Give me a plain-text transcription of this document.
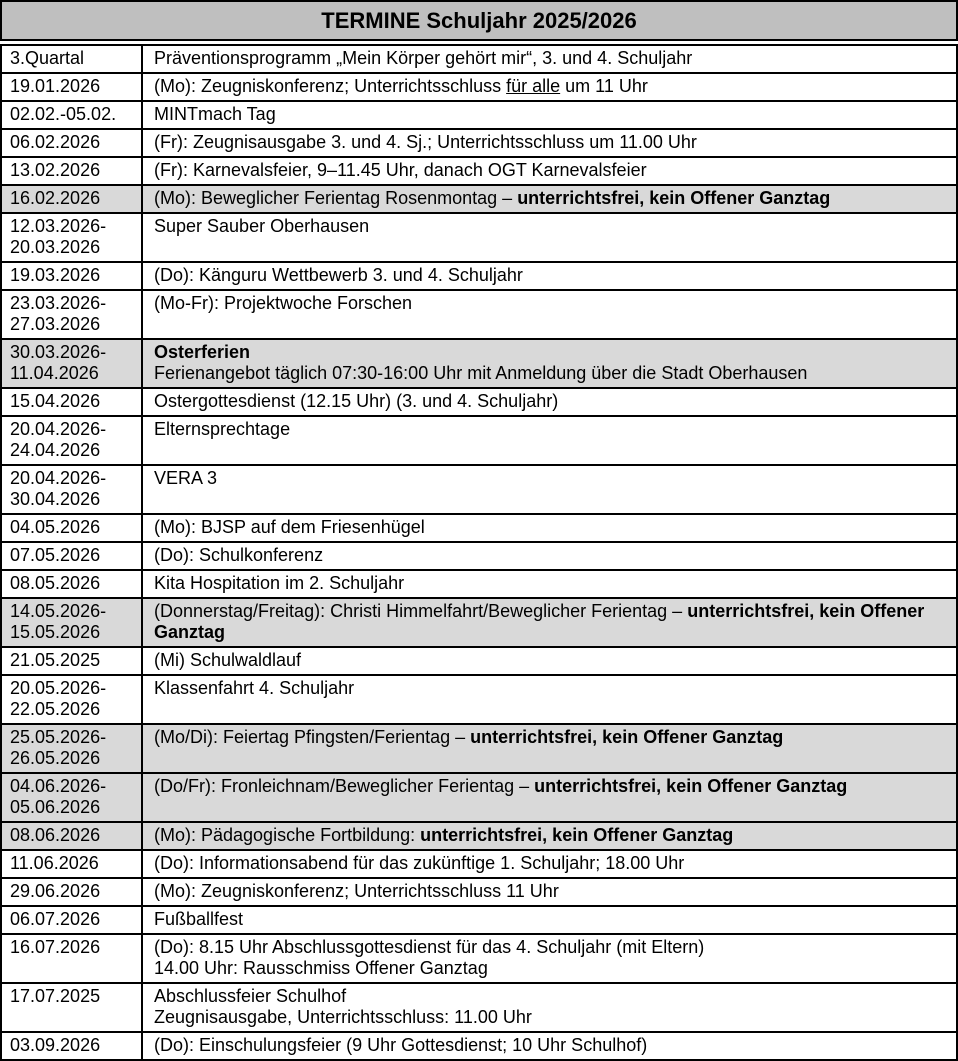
TERMINE Schuljahr 2025/2026
3.Quartal	Präventionsprogramm „Mein Körper gehört mir“, 3. und 4. Schuljahr
19.01.2026	(Mo): Zeugniskonferenz; Unterrichtsschluss für alle um 11 Uhr
02.02.-05.02.	MINTmach Tag
06.02.2026	(Fr): Zeugnisausgabe 3. und 4. Sj.; Unterrichtsschluss um 11.00 Uhr
13.02.2026	(Fr): Karnevalsfeier, 9–11.45 Uhr, danach OGT Karnevalsfeier
16.02.2026	(Mo): Beweglicher Ferientag Rosenmontag – unterrichtsfrei, kein Offener Ganztag
12.03.2026-
20.03.2026	Super Sauber Oberhausen
19.03.2026	(Do): Känguru Wettbewerb 3. und 4. Schuljahr
23.03.2026-
27.03.2026	(Mo-Fr): Projektwoche Forschen
30.03.2026-
11.04.2026	Osterferien
Ferienangebot täglich 07:30-16:00 Uhr mit Anmeldung über die Stadt Oberhausen
15.04.2026	Ostergottesdienst (12.15 Uhr) (3. und 4. Schuljahr)
20.04.2026-
24.04.2026	Elternsprechtage
20.04.2026-
30.04.2026	VERA 3
04.05.2026	(Mo): BJSP auf dem Friesenhügel
07.05.2026	(Do): Schulkonferenz
08.05.2026	Kita Hospitation im 2. Schuljahr
14.05.2026-
15.05.2026	(Donnerstag/Freitag): Christi Himmelfahrt/Beweglicher Ferientag – unterrichtsfrei, kein Offener Ganztag
21.05.2025	(Mi) Schulwaldlauf
20.05.2026-
22.05.2026	Klassenfahrt 4. Schuljahr
25.05.2026-
26.05.2026	(Mo/Di): Feiertag Pfingsten/Ferientag – unterrichtsfrei, kein Offener Ganztag
04.06.2026-
05.06.2026	(Do/Fr): Fronleichnam/Beweglicher Ferientag – unterrichtsfrei, kein Offener Ganztag
08.06.2026	(Mo): Pädagogische Fortbildung: unterrichtsfrei, kein Offener Ganztag
11.06.2026	(Do): Informationsabend für das zukünftige 1. Schuljahr; 18.00 Uhr
29.06.2026	(Mo): Zeugniskonferenz; Unterrichtsschluss 11 Uhr
06.07.2026	Fußballfest
16.07.2026	(Do): 8.15 Uhr Abschlussgottesdienst für das 4. Schuljahr (mit Eltern)
14.00 Uhr: Rausschmiss Offener Ganztag
17.07.2025	Abschlussfeier Schulhof
Zeugnisausgabe, Unterrichtsschluss: 11.00 Uhr
03.09.2026	(Do): Einschulungsfeier (9 Uhr Gottesdienst; 10 Uhr Schulhof)
